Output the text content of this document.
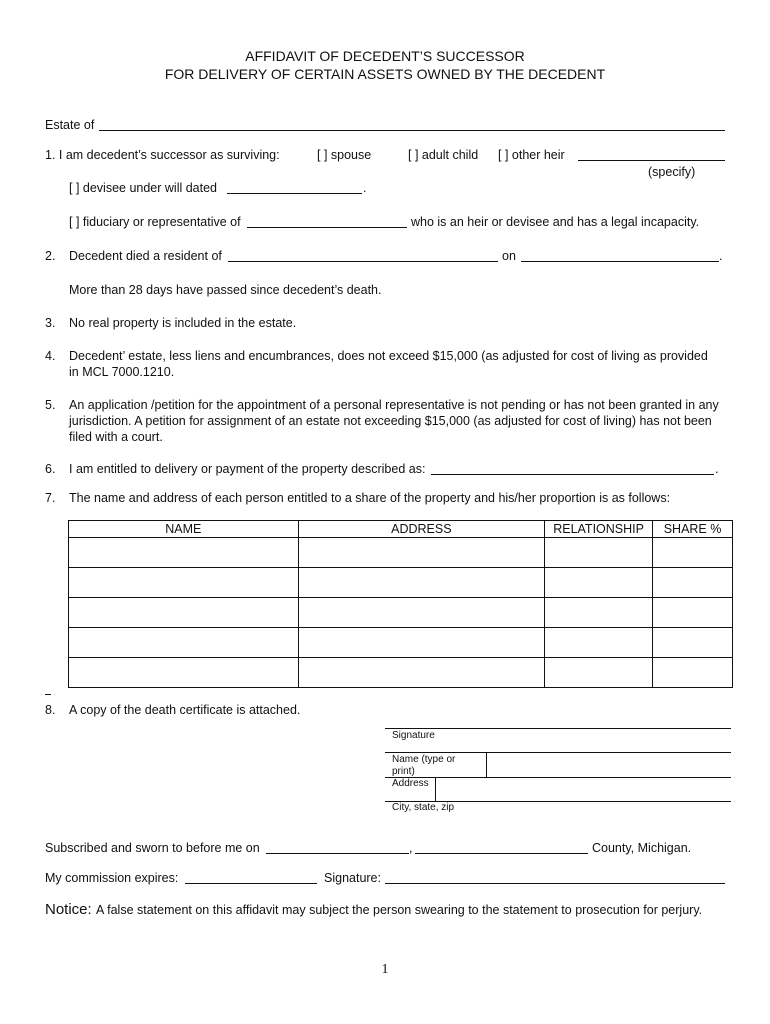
AFFIDAVIT OF DECEDENT’S SUCCESSOR
FOR DELIVERY OF CERTAIN ASSETS OWNED BY THE DECEDENT
Estate of
1. I am decedent’s successor as surviving:	[ ] spouse	[ ] adult child [ ] other heir
(specify)
[ ] devisee under will dated	.
[ ] fiduciary or representative of	who is an heir or devisee and has a legal incapacity.
2. Decedent died a resident of	on	.
More than 28 days have passed since decedent’s death.
3. No real property is included in the estate.
4. Decedent’ estate, less liens and encumbrances, does not exceed $15,000 (as adjusted for cost of living as provided
in MCL 7000.1210.
5. An application /petition for the appointment of a personal representative is not pending or has not been granted in any
jurisdiction. A petition for assignment of an estate not exceeding $15,000 (as adjusted for cost of living) has not been
filed with a court.
6. I am entitled to delivery or payment of the property described as:	.
7. The name and address of each person entitled to a share of the property and his/her proportion is as follows:
NAME	ADDRESS	RELATIONSHIP	SHARE %

8. A copy of the death certificate is attached.
Signature
Name (type or
print)
Address
City, state, zip
Subscribed and sworn to before me on	,	County, Michigan.
My commission expires:	Signature:
Notice: A false statement on this affidavit may subject the person swearing to the statement to prosecution for perjury.
1
